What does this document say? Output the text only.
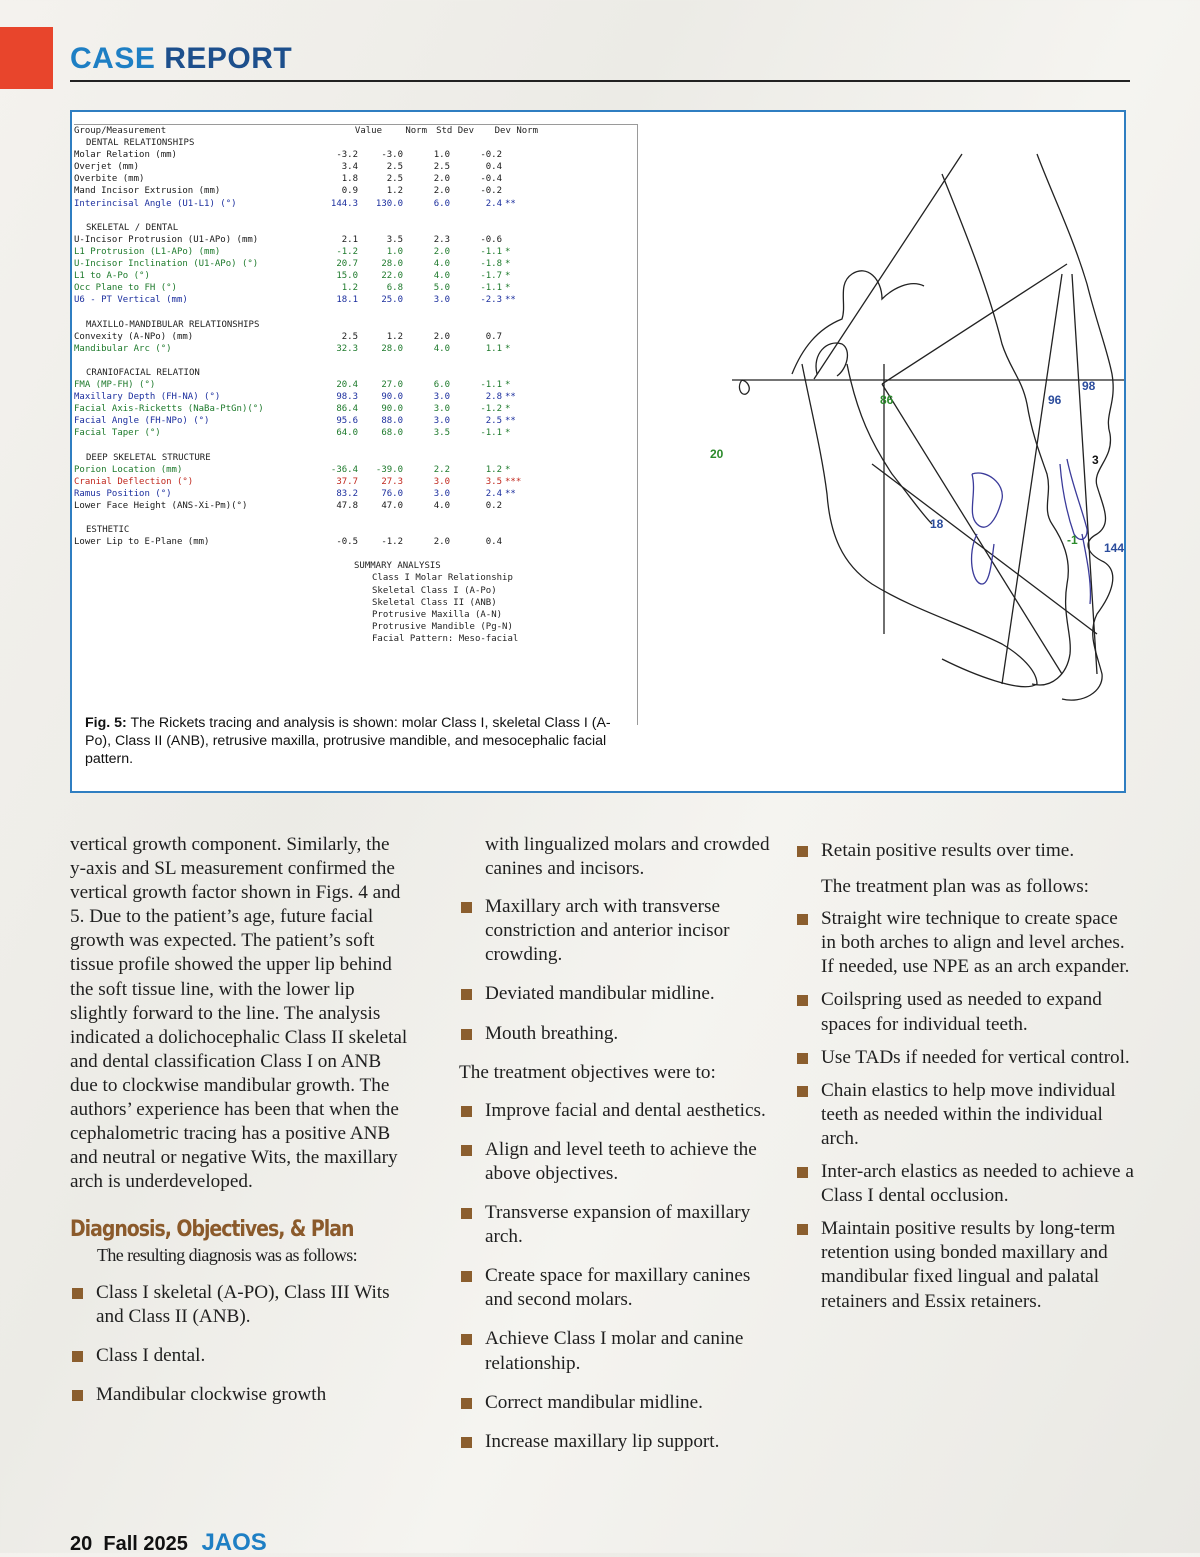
CASE REPORT
Group/Measurement	Value	Norm	Std Dev	Dev Norm
DENTAL RELATIONSHIPS
Molar Relation (mm)	-3.2	-3.0	1.0	-0.2
Overjet (mm)	3.4	2.5	2.5	0.4
Overbite (mm)	1.8	2.5	2.0	-0.4
Mand Incisor Extrusion (mm)	0.9	1.2	2.0	-0.2
Interincisal Angle (U1-L1) (°)	144.3	130.0	6.0	2.4 **
SKELETAL / DENTAL
U-Incisor Protrusion (U1-APo) (mm)	2.1	3.5	2.3	-0.6
L1 Protrusion (L1-APo) (mm)	-1.2	1.0	2.0	-1.1 *
U-Incisor Inclination (U1-APo) (°)	20.7	28.0	4.0	-1.8 *
L1 to A-Po (°)	15.0	22.0	4.0	-1.7 *
Occ Plane to FH (°)	1.2	6.8	5.0	-1.1 *
U6 - PT Vertical (mm)	18.1	25.0	3.0	-2.3 **
MAXILLO-MANDIBULAR RELATIONSHIPS
Convexity (A-NPo) (mm)	2.5	1.2	2.0	0.7
Mandibular Arc (°)	32.3	28.0	4.0	1.1 *
CRANIOFACIAL RELATION
FMA (MP-FH) (°)	20.4	27.0	6.0	-1.1 *
Maxillary Depth (FH-NA) (°)	98.3	90.0	3.0	2.8 **
Facial Axis-Ricketts (NaBa-PtGn)(°)	86.4	90.0	3.0	-1.2 *
Facial Angle (FH-NPo) (°)	95.6	88.0	3.0	2.5 **
Facial Taper (°)	64.0	68.0	3.5	-1.1 *
DEEP SKELETAL STRUCTURE
Porion Location (mm)	-36.4	-39.0	2.2	1.2 *
Cranial Deflection (°)	37.7	27.3	3.0	3.5 ***
Ramus Position (°)	83.2	76.0	3.0	2.4 **
Lower Face Height (ANS-Xi-Pm)(°)	47.8	47.0	4.0	0.2
ESTHETIC
Lower Lip to E-Plane (mm)	-0.5	-1.2	2.0	0.4
SUMMARY ANALYSIS
Class I Molar Relationship
Skeletal Class I (A-Po)
Skeletal Class II (ANB)
Protrusive Maxilla (A-N)
Protrusive Mandible (Pg-N)
Facial Pattern: Meso-facial
20
86	96
98
3
18
-1
144
Fig. 5: The Rickets tracing and analysis is shown: molar Class I, skeletal Class I (A-Po), Class II (ANB), retrusive maxilla, protrusive mandible, and mesocephalic facial pattern.

vertical growth component. Similarly, the y-axis and SL measurement confirmed the vertical growth factor shown in Figs. 4 and 5. Due to the patient’s age, future facial growth was expected. The patient’s soft tissue profile showed the upper lip behind the soft tissue line, with the lower lip slightly forward to the line. The analysis indicated a dolichocephalic Class II skeletal and dental classification Class I on ANB due to clockwise mandibular growth. The authors’ experience has been that when the cephalometric tracing has a positive ANB and neutral or negative Wits, the maxillary arch is underdeveloped.

Diagnosis, Objectives, & Plan

The resulting diagnosis was as follows:

Class I skeletal (A-PO), Class III Wits and Class II (ANB).
Class I dental.
Mandibular clockwise growth

with lingualized molars and crowded canines and incisors.

Maxillary arch with transverse constriction and anterior incisor crowding.
Deviated mandibular midline.
Mouth breathing.

The treatment objectives were to:

Improve facial and dental aesthetics.
Align and level teeth to achieve the above objectives.
Transverse expansion of maxillary arch.
Create space for maxillary canines and second molars.
Achieve Class I molar and canine relationship.
Correct mandibular midline.
Increase maxillary lip support.
Retain positive results over time.

The treatment plan was as follows:

Straight wire technique to create space in both arches to align and level arches. If needed, use NPE as an arch expander.
Coilspring used as needed to expand spaces for individual teeth.
Use TADs if needed for vertical control.
Chain elastics to help move individual teeth as needed within the individual arch.
Inter-arch elastics as needed to achieve a Class I dental occlusion.
Maintain positive results by long-term retention using bonded maxillary and mandibular fixed lingual and palatal retainers and Essix retainers.
20 Fall 2025 JAOS
